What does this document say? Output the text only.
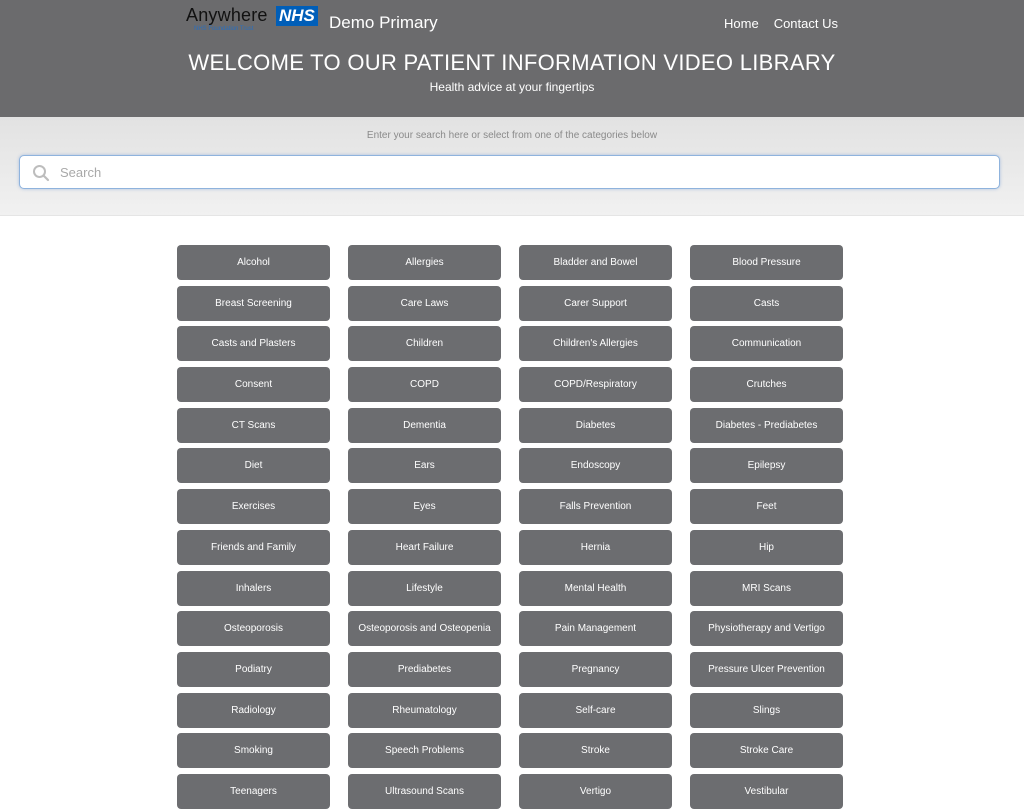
Anywhere NHS
NHS Foundation Trust	Demo Primary	Home Contact Us
WELCOME TO OUR PATIENT INFORMATION VIDEO LIBRARY
Health advice at your fingertips
Enter your search here or select from one of the categories below
Search
Alcohol	Allergies	Bladder and Bowel	Blood Pressure
Breast Screening	Care Laws	Carer Support	Casts
Casts and Plasters	Children	Children's Allergies	Communication
Consent	COPD	COPD/Respiratory	Crutches
CT Scans	Dementia	Diabetes	Diabetes - Prediabetes
Diet	Ears	Endoscopy	Epilepsy
Exercises	Eyes	Falls Prevention	Feet
Friends and Family	Heart Failure	Hernia	Hip
Inhalers	Lifestyle	Mental Health	MRI Scans
Osteoporosis	Osteoporosis and Osteopenia	Pain Management	Physiotherapy and Vertigo
Podiatry	Prediabetes	Pregnancy	Pressure Ulcer Prevention
Radiology	Rheumatology	Self-care	Slings
Smoking	Speech Problems	Stroke	Stroke Care
Teenagers	Ultrasound Scans	Vertigo	Vestibular
